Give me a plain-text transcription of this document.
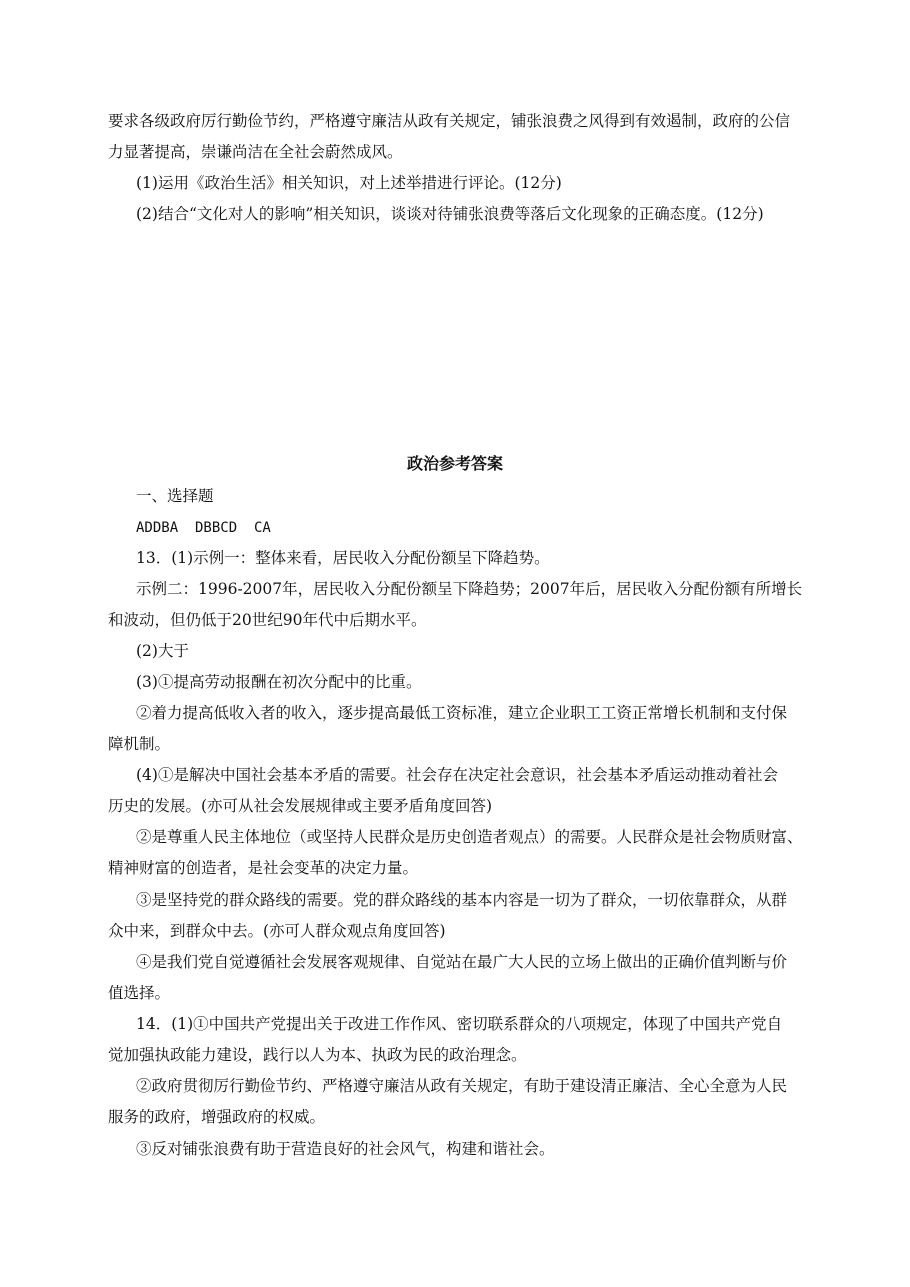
要求各级政府厉行勤俭节约，严格遵守廉洁从政有关规定，铺张浪费之风得到有效遏制，政府的公信
力显著提高，崇谦尚洁在全社会蔚然成风。
(1)运用《政治生活》相关知识，对上述举措进行评论。(12分)
(2)结合“文化对人的影响”相关知识，谈谈对待铺张浪费等落后文化现象的正确态度。(12分)
政治参考答案
一、选择题
ADDBA  DBBCD  CA
13．(1)示例一：整体来看，居民收入分配份额呈下降趋势。
示例二：1996-2007年，居民收入分配份额呈下降趋势；2007年后，居民收入分配份额有所增长
和波动，但仍低于20世纪90年代中后期水平。
(2)大于
(3)①提高劳动报酬在初次分配中的比重。
②着力提高低收入者的收入，逐步提高最低工资标准，建立企业职工工资正常增长机制和支付保
障机制。
(4)①是解决中国社会基本矛盾的需要。社会存在决定社会意识，社会基本矛盾运动推动着社会
历史的发展。(亦可从社会发展规律或主要矛盾角度回答)
②是尊重人民主体地位（或坚持人民群众是历史创造者观点）的需要。人民群众是社会物质财富、
精神财富的创造者，是社会变革的决定力量。
③是坚持党的群众路线的需要。党的群众路线的基本内容是一切为了群众，一切依靠群众，从群
众中来，到群众中去。(亦可人群众观点角度回答)
④是我们党自觉遵循社会发展客观规律、自觉站在最广大人民的立场上做出的正确价值判断与价
值选择。
14．(1)①中国共产党提出关于改进工作作风、密切联系群众的八项规定，体现了中国共产党自
觉加强执政能力建设，践行以人为本、执政为民的政治理念。
②政府贯彻厉行勤俭节约、严格遵守廉洁从政有关规定，有助于建设清正廉洁、全心全意为人民
服务的政府，增强政府的权威。
③反对铺张浪费有助于营造良好的社会风气，构建和谐社会。
